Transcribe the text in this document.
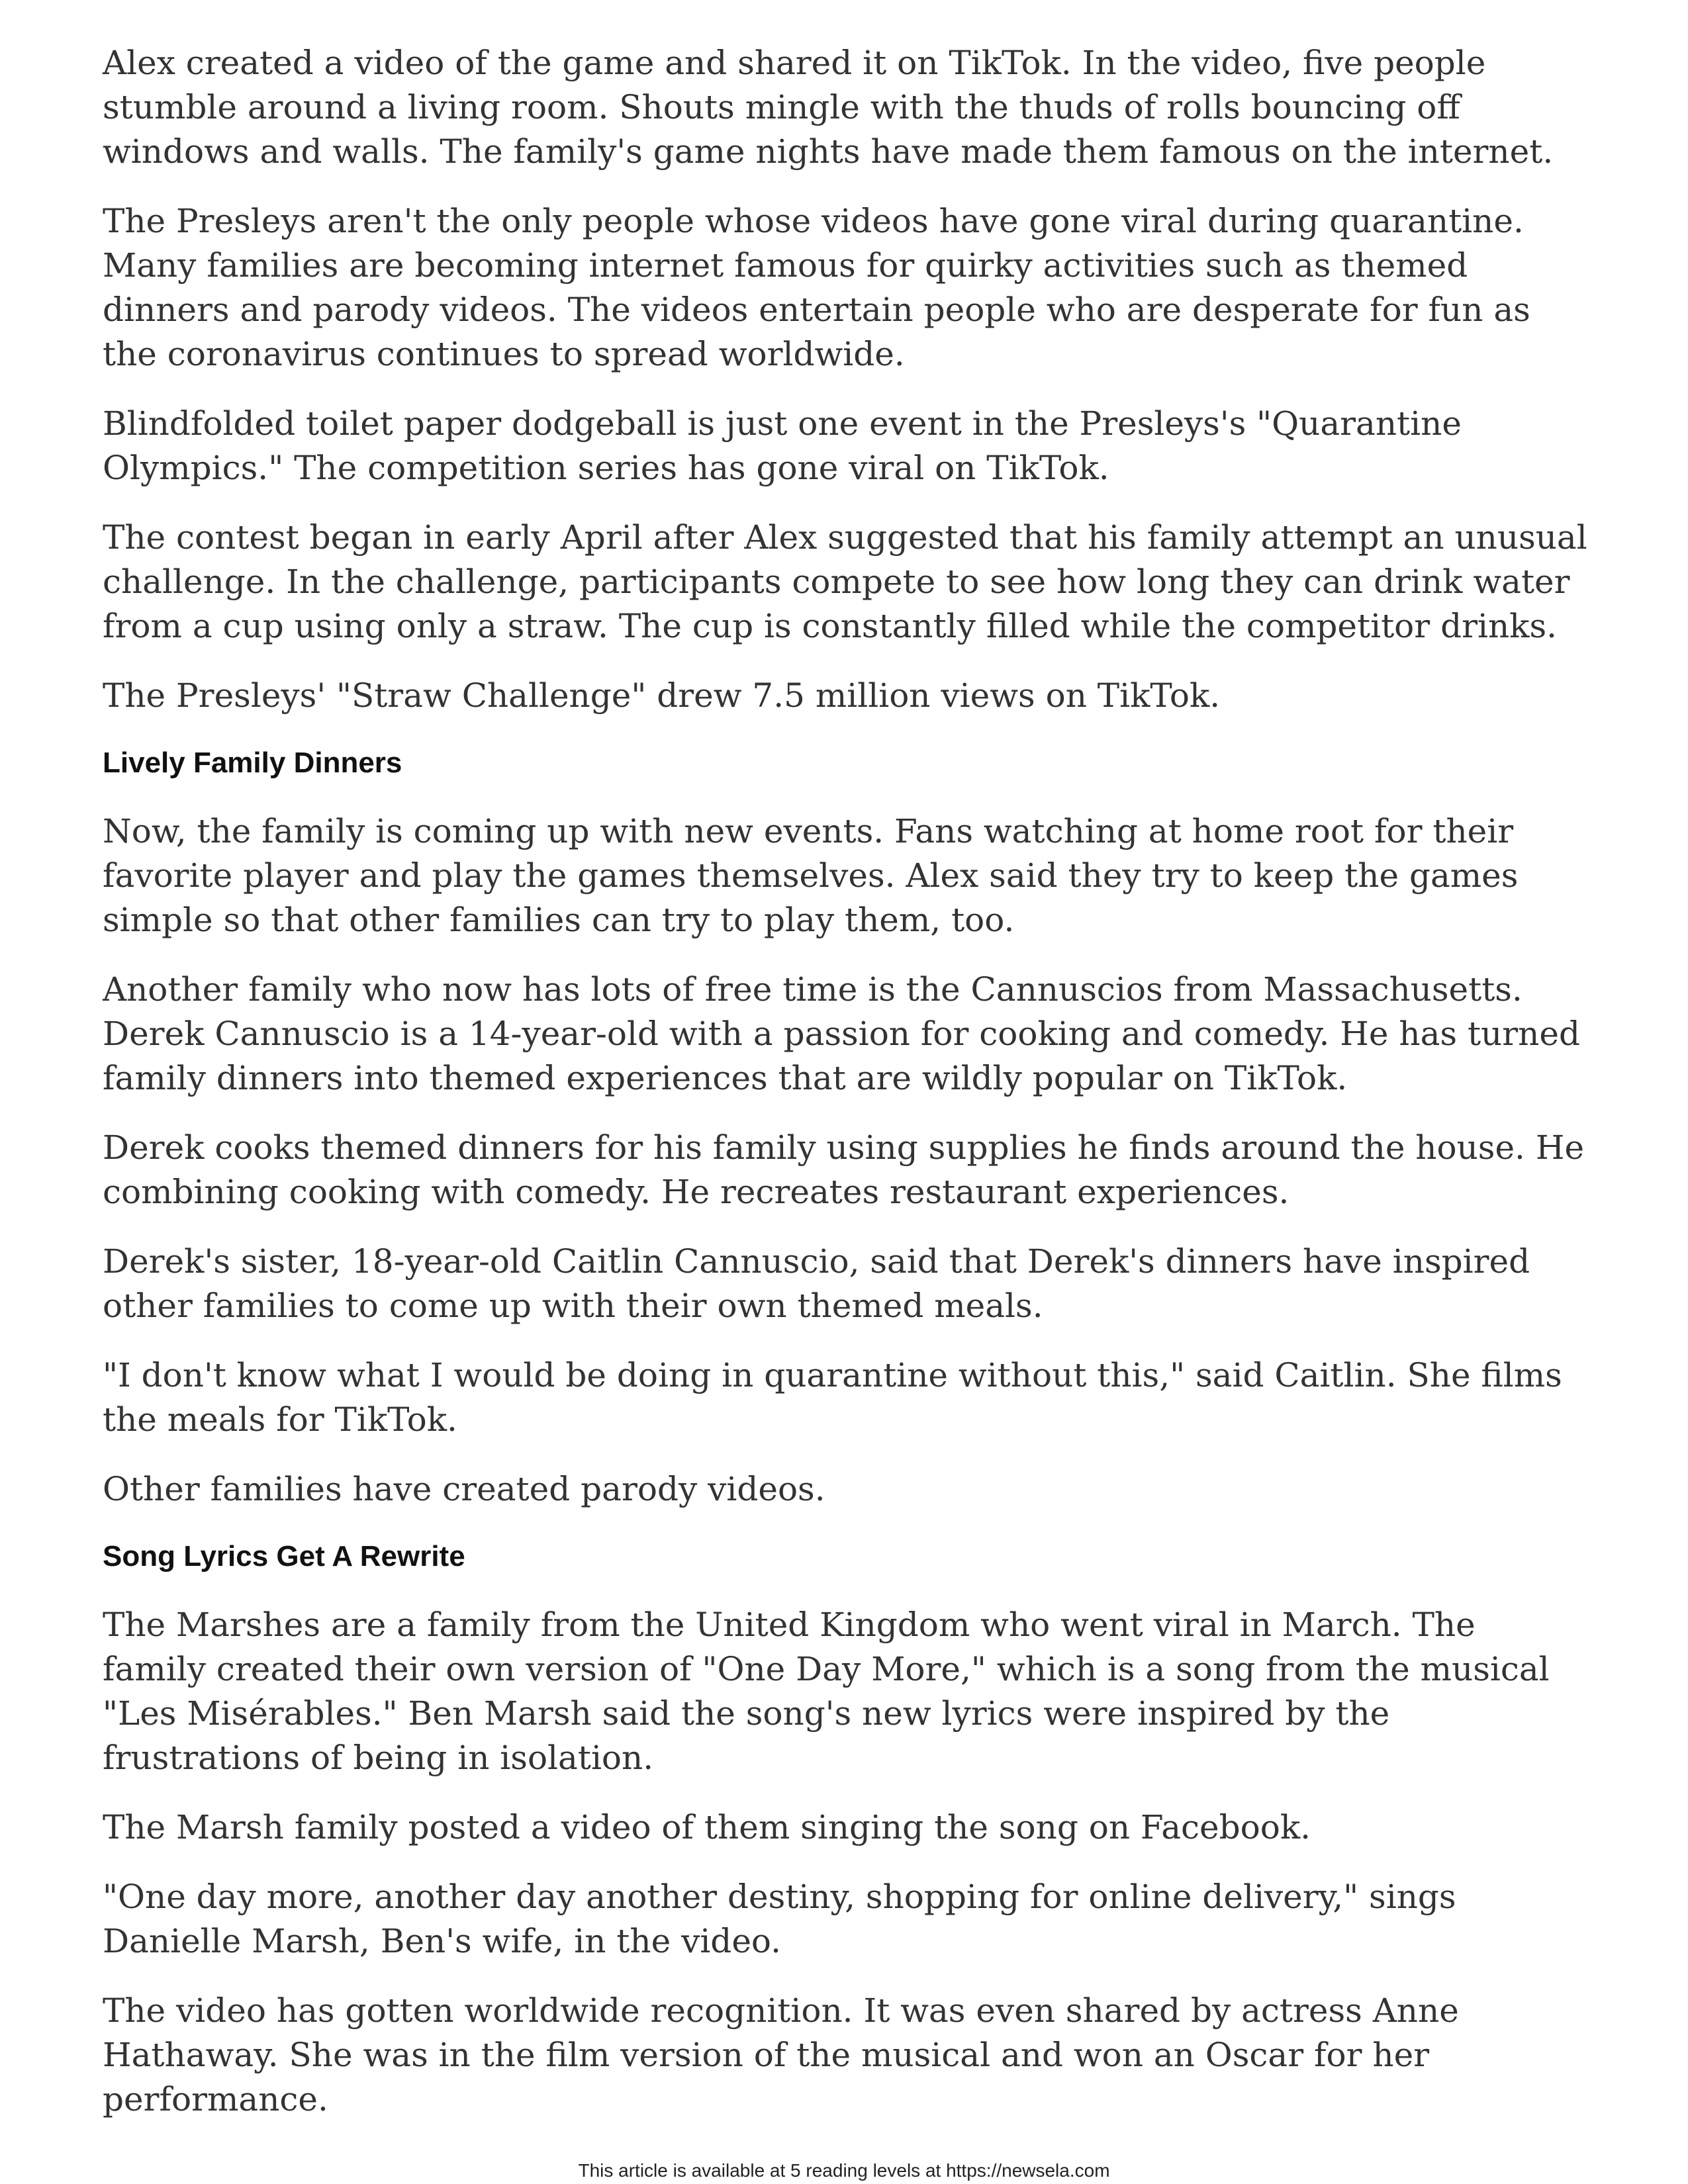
Alex created a video of the game and shared it on TikTok. In the video, five people stumble around a living room. Shouts mingle with the thuds of rolls bouncing off windows and walls. The family's game nights have made them famous on the internet.

The Presleys aren't the only people whose videos have gone viral during quarantine. Many families are becoming internet famous for quirky activities such as themed dinners and parody videos. The videos entertain people who are desperate for fun as the coronavirus continues to spread worldwide.

Blindfolded toilet paper dodgeball is just one event in the Presleys's "Quarantine Olympics." The competition series has gone viral on TikTok.

The contest began in early April after Alex suggested that his family attempt an unusual challenge. In the challenge, participants compete to see how long they can drink water from a cup using only a straw. The cup is constantly filled while the competitor drinks.

The Presleys' "Straw Challenge" drew 7.5 million views on TikTok.

Lively Family Dinners

Now, the family is coming up with new events. Fans watching at home root for their favorite player and play the games themselves. Alex said they try to keep the games simple so that other families can try to play them, too.

Another family who now has lots of free time is the Cannuscios from Massachusetts. Derek Cannuscio is a 14-year-old with a passion for cooking and comedy. He has turned family dinners into themed experiences that are wildly popular on TikTok.

Derek cooks themed dinners for his family using supplies he finds around the house. He combining cooking with comedy. He recreates restaurant experiences.

Derek's sister, 18-year-old Caitlin Cannuscio, said that Derek's dinners have inspired other families to come up with their own themed meals.

"I don't know what I would be doing in quarantine without this," said Caitlin. She films the meals for TikTok.

Other families have created parody videos.

Song Lyrics Get A Rewrite

The Marshes are a family from the United Kingdom who went viral in March. The family created their own version of "One Day More," which is a song from the musical "Les Misérables." Ben Marsh said the song's new lyrics were inspired by the frustrations of being in isolation.

The Marsh family posted a video of them singing the song on Facebook.

"One day more, another day another destiny, shopping for online delivery," sings Danielle Marsh, Ben's wife, in the video.

The video has gotten worldwide recognition. It was even shared by actress Anne Hathaway. She was in the film version of the musical and won an Oscar for her performance.

This article is available at 5 reading levels at https://newsela.com
